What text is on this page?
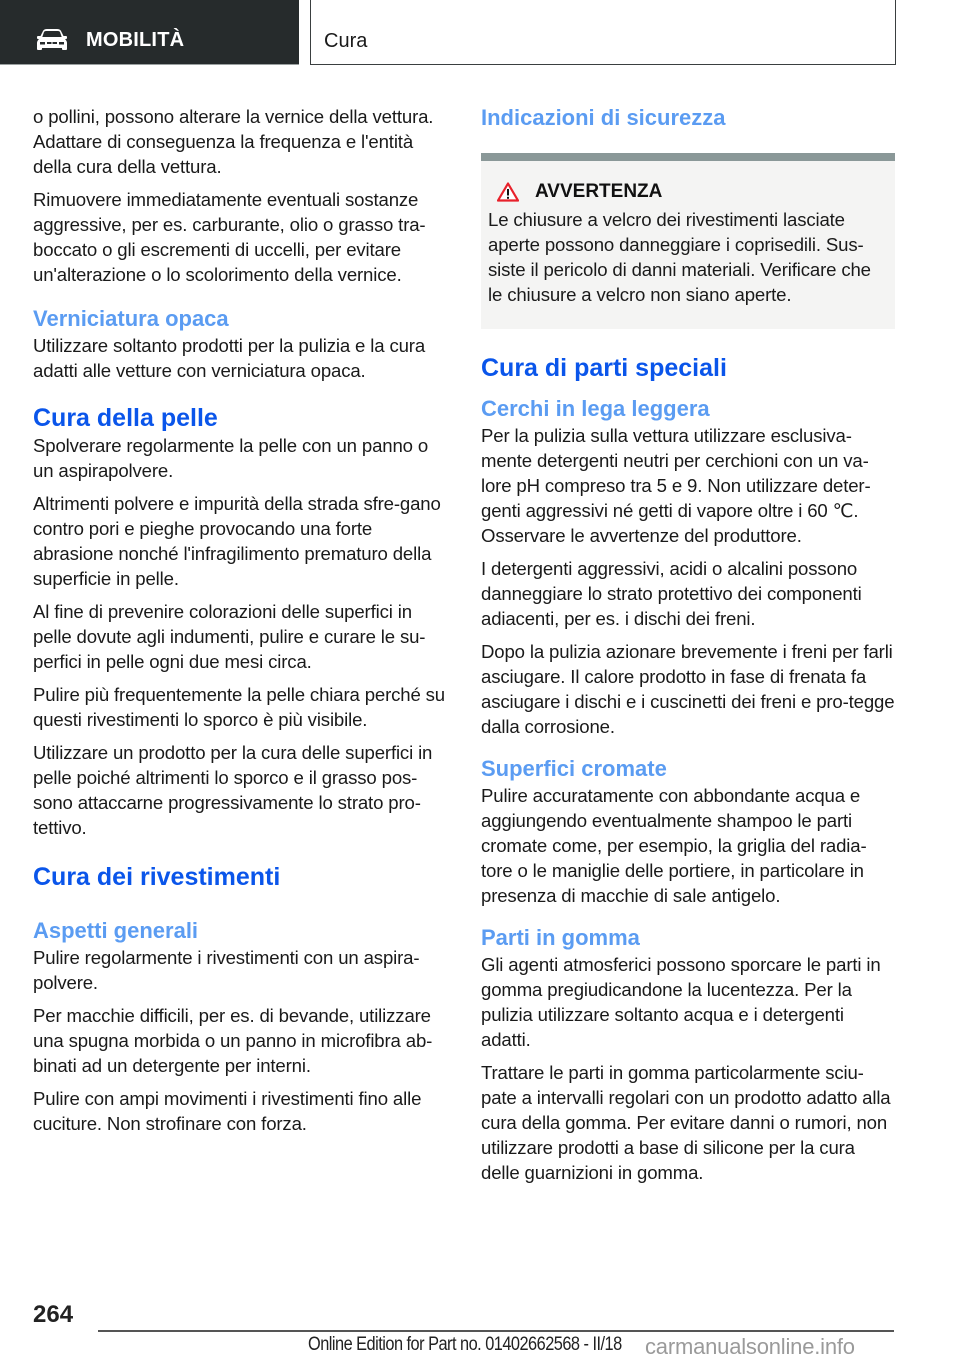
MOBILITÀ	Cura

o pollini, possono alterare la vernice della vettura. Adattare di conseguenza la frequenza e l'entità della cura della vettura.

Rimuovere immediatamente eventuali sostanze aggressive, per es. carburante, olio o grasso tra-boccato o gli escrementi di uccelli, per evitare un'alterazione o lo scolorimento della vernice.

Verniciatura opaca

Utilizzare soltanto prodotti per la pulizia e la cura adatti alle vetture con verniciatura opaca.

Cura della pelle

Spolverare regolarmente la pelle con un panno o un aspirapolvere.

Altrimenti polvere e impurità della strada sfre-gano contro pori e pieghe provocando una forte abrasione nonché l'infragilimento prematuro della superficie in pelle.

Al fine di prevenire colorazioni delle superfici in pelle dovute agli indumenti, pulire e curare le su-perfici in pelle ogni due mesi circa.

Pulire più frequentemente la pelle chiara perché su questi rivestimenti lo sporco è più visibile.

Utilizzare un prodotto per la cura delle superfici in pelle poiché altrimenti lo sporco e il grasso pos-sono attaccarne progressivamente lo strato pro-tettivo.

Cura dei rivestimenti
Aspetti generali

Pulire regolarmente i rivestimenti con un aspira-polvere.

Per macchie difficili, per es. di bevande, utilizzare una spugna morbida o un panno in microfibra ab-binati ad un detergente per interni.

Pulire con ampi movimenti i rivestimenti fino alle cuciture. Non strofinare con forza.

Indicazioni di sicurezza
AVVERTENZA

Le chiusure a velcro dei rivestimenti lasciate aperte possono danneggiare i coprisedili. Sus-siste il pericolo di danni materiali. Verificare che le chiusure a velcro non siano aperte.

Cura di parti speciali
Cerchi in lega leggera

Per la pulizia sulla vettura utilizzare esclusiva-mente detergenti neutri per cerchioni con un va-lore pH compreso tra 5 e 9. Non utilizzare deter-genti aggressivi né getti di vapore oltre i 60 ℃. Osservare le avvertenze del produttore.

I detergenti aggressivi, acidi o alcalini possono danneggiare lo strato protettivo dei componenti adiacenti, per es. i dischi dei freni.

Dopo la pulizia azionare brevemente i freni per farli asciugare. Il calore prodotto in fase di frenata fa asciugare i dischi e i cuscinetti dei freni e pro-tegge dalla corrosione.

Superfici cromate

Pulire accuratamente con abbondante acqua e aggiungendo eventualmente shampoo le parti cromate come, per esempio, la griglia del radia-tore o le maniglie delle portiere, in particolare in presenza di macchie di sale antigelo.

Parti in gomma

Gli agenti atmosferici possono sporcare le parti in gomma pregiudicandone la lucentezza. Per la pulizia utilizzare soltanto acqua e i detergenti adatti.

Trattare le parti in gomma particolarmente sciu-pate a intervalli regolari con un prodotto adatto alla cura della gomma. Per evitare danni o rumori, non utilizzare prodotti a base di silicone per la cura delle guarnizioni in gomma.

264
Online Edition for Part no. 01402662568 - II/18 carmanualsonline.info
